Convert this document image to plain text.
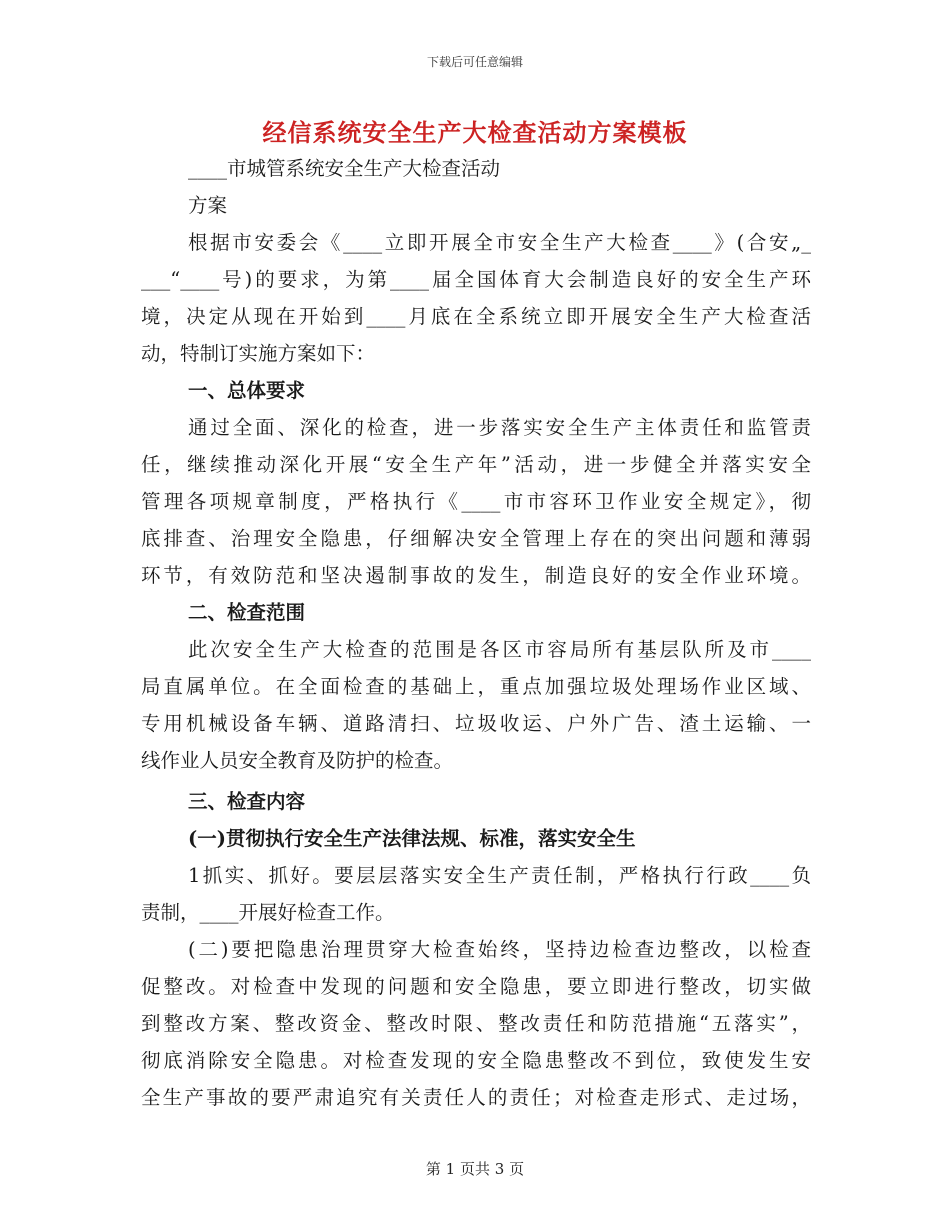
下载后可任意编辑
经信系统安全生产大检查活动方案模板
____市城管系统安全生产大检查活动
方案
根据市安委会《____立即开展全市安全生产大检查____》(合安„_
___“____号)的要求，为第____届全国体育大会制造良好的安全生产环
境，决定从现在开始到____月底在全系统立即开展安全生产大检查活
动，特制订实施方案如下：
一、总体要求
通过全面、深化的检查，进一步落实安全生产主体责任和监管责
任，继续推动深化开展“安全生产年”活动，进一步健全并落实安全
管理各项规章制度，严格执行《____市市容环卫作业安全规定》，彻
底排查、治理安全隐患，仔细解决安全管理上存在的突出问题和薄弱
环节，有效防范和坚决遏制事故的发生，制造良好的安全作业环境。
二、检查范围
此次安全生产大检查的范围是各区市容局所有基层队所及市____
局直属单位。在全面检查的基础上，重点加强垃圾处理场作业区域、
专用机械设备车辆、道路清扫、垃圾收运、户外广告、渣土运输、一
线作业人员安全教育及防护的检查。
三、检查内容
(一)贯彻执行安全生产法律法规、标准，落实安全生
1抓实、抓好。要层层落实安全生产责任制，严格执行行政____负
责制，____开展好检查工作。
(二)要把隐患治理贯穿大检查始终，坚持边检查边整改，以检查
促整改。对检查中发现的问题和安全隐患，要立即进行整改，切实做
到整改方案、整改资金、整改时限、整改责任和防范措施“五落实”，
彻底消除安全隐患。对检查发现的安全隐患整改不到位，致使发生安
全生产事故的要严肃追究有关责任人的责任；对检查走形式、走过场，
第 1 页共 3 页
